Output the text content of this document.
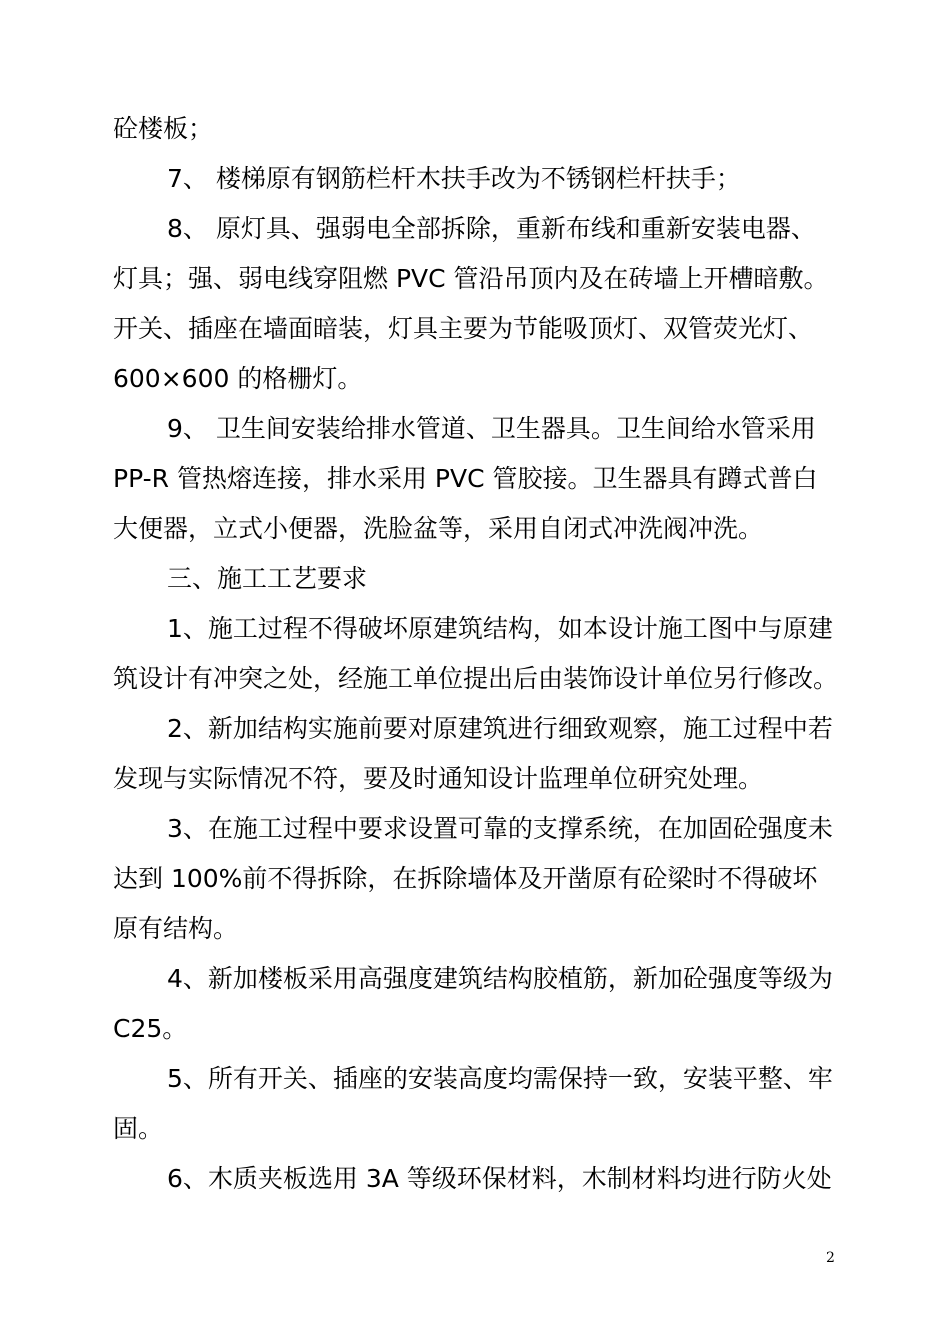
砼楼板；
7、 楼梯原有钢筋栏杆木扶手改为不锈钢栏杆扶手；
8、 原灯具、强弱电全部拆除，重新布线和重新安装电器、
灯具；强、弱电线穿阻燃 PVC 管沿吊顶内及在砖墙上开槽暗敷。
开关、插座在墙面暗装，灯具主要为节能吸顶灯、双管荧光灯、
600×600 的格栅灯。
9、 卫生间安装给排水管道、卫生器具。卫生间给水管采用
PP-R 管热熔连接，排水采用 PVC 管胶接。卫生器具有蹲式普白
大便器，立式小便器，洗脸盆等，采用自闭式冲洗阀冲洗。
三、施工工艺要求
1、施工过程不得破坏原建筑结构，如本设计施工图中与原建
筑设计有冲突之处，经施工单位提出后由装饰设计单位另行修改。
2、新加结构实施前要对原建筑进行细致观察，施工过程中若
发现与实际情况不符，要及时通知设计监理单位研究处理。
3、在施工过程中要求设置可靠的支撑系统，在加固砼强度未
达到 100%前不得拆除，在拆除墙体及开凿原有砼梁时不得破坏
原有结构。
4、新加楼板采用高强度建筑结构胶植筋，新加砼强度等级为
C25。
5、所有开关、插座的安装高度均需保持一致，安装平整、牢
固。
6、木质夹板选用 3A 等级环保材料，木制材料均进行防火处
2
